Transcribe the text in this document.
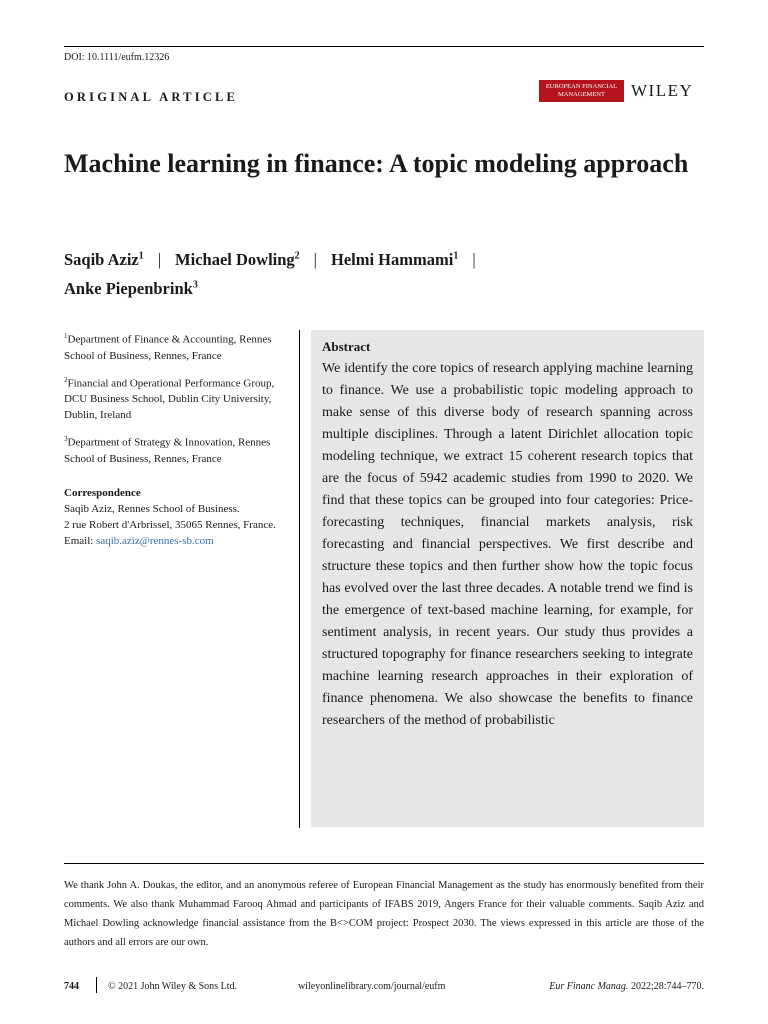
DOI: 10.1111/eufm.12326
ORIGINAL ARTICLE
EUROPEAN FINANCIAL MANAGEMENT	WILEY
Machine learning in finance: A topic modeling approach
Saqib Aziz$^1$ | Michael Dowling$^2$ | Helmi Hammami$^1$ |
Anke Piepenbrink$^3$

$^1$Department of Finance & Accounting, Rennes School of Business, Rennes, France

$^2$Financial and Operational Performance Group, DCU Business School, Dublin City University, Dublin, Ireland

$^3$Department of Strategy & Innovation, Rennes School of Business, Rennes, France

Correspondence
Saqib Aziz, Rennes School of Business.
2 rue Robert d'Arbrissel, 35065 Rennes, France.
Email: saqib.aziz@rennes-sb.com
Abstract

We identify the core topics of research applying machine learning to finance. We use a probabilistic topic modeling approach to make sense of this diverse body of research spanning across multiple disciplines. Through a latent Dirichlet allocation topic modeling technique, we extract 15 coherent research topics that are the focus of 5942 academic studies from 1990 to 2020. We find that these topics can be grouped into four categories: Price-forecasting techniques, financial markets analysis, risk forecasting and financial perspectives. We first describe and structure these topics and then further show how the topic focus has evolved over the last three decades. A notable trend we find is the emergence of text-based machine learning, for example, for sentiment analysis, in recent years. Our study thus provides a structured topography for finance researchers seeking to integrate machine learning research approaches in their exploration of finance phenomena. We also showcase the benefits to finance researchers of the method of probabilistic

We thank John A. Doukas, the editor, and an anonymous referee of European Financial Management as the study has enormously benefited from their comments. We also thank Muhammad Farooq Ahmad and participants of IFABS 2019, Angers France for their valuable comments. Saqib Aziz and Michael Dowling acknowledge financial assistance from the B<>COM project: Prospect 2030. The views expressed in this article are those of the authors and all errors are our own.

744	© 2021 John Wiley & Sons Ltd.	wileyonlinelibrary.com/journal/eufm	Eur Financ Manag. 2022;28:744–770.
